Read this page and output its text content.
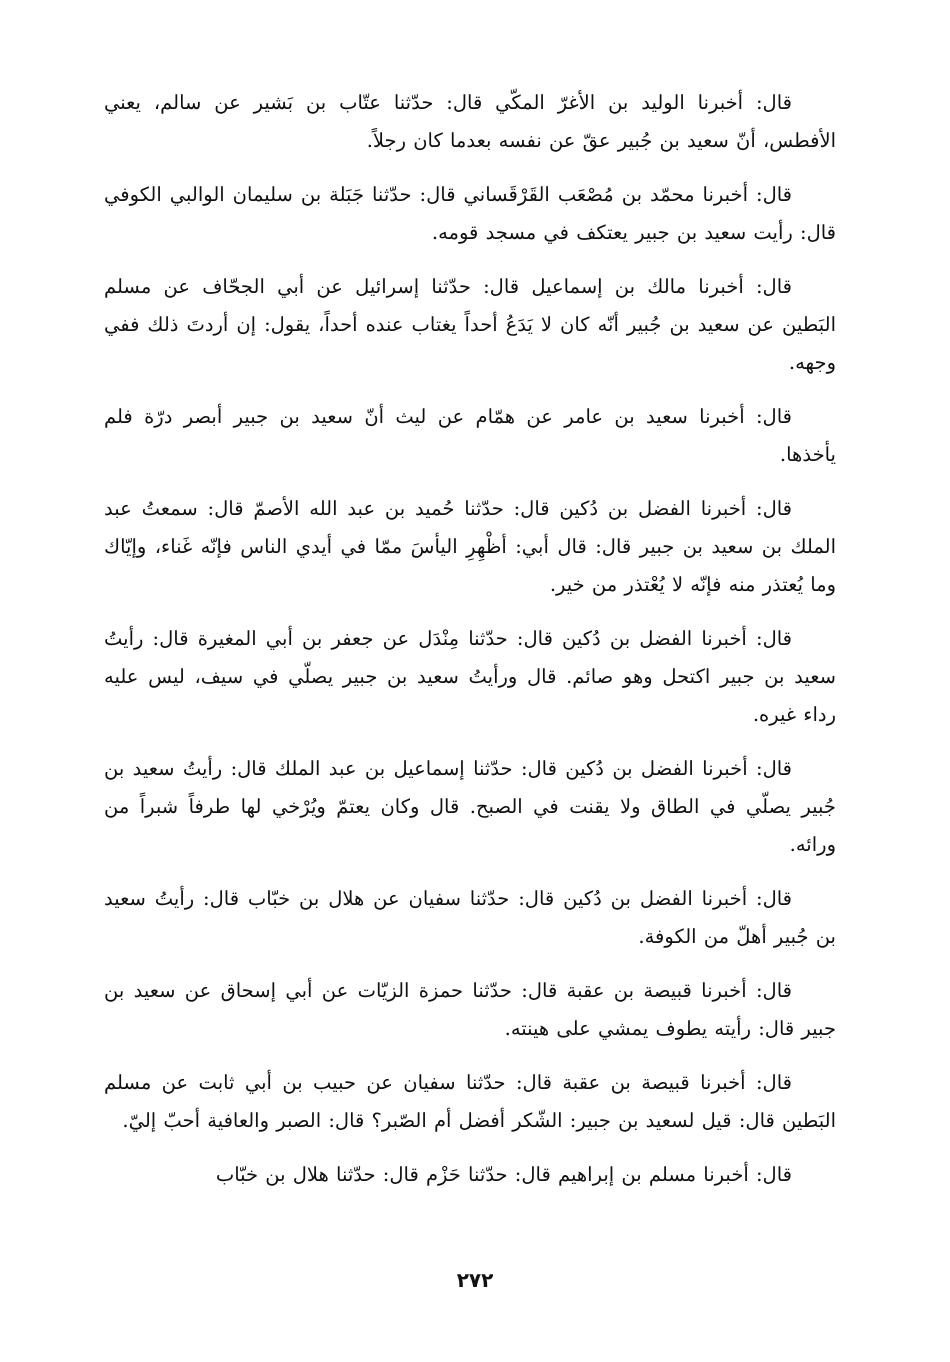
قال: أخبرنا الوليد بن الأغرّ المكّي قال: حدّثنا عتّاب بن بَشير عن سالم، يعني الأفطس، أنّ سعيد بن جُبير عقّ عن نفسه بعدما كان رجلاً.

قال: أخبرنا محمّد بن مُصْعَب القَرْقَساني قال: حدّثنا جَبَلة بن سليمان الوالبي الكوفي قال: رأيت سعيد بن جبير يعتكف في مسجد قومه.

قال: أخبرنا مالك بن إسماعيل قال: حدّثنا إسرائيل عن أبي الجحّاف عن مسلم البَطين عن سعيد بن جُبير أنّه كان لا يَدَعُ أحداً يغتاب عنده أحداً، يقول: إن أردتَ ذلك ففي وجهه.

قال: أخبرنا سعيد بن عامر عن همّام عن ليث أنّ سعيد بن جبير أبصر درّة فلم يأخذها.

قال: أخبرنا الفضل بن دُكين قال: حدّثنا حُميد بن عبد الله الأصمّ قال: سمعتُ عبد الملك بن سعيد بن جبير قال: قال أبي: أظْهِرِ اليأسَ ممّا في أيدي الناس فإنّه غَناء، وإيّاك وما يُعتذر منه فإنّه لا يُعْتذر من خير.

قال: أخبرنا الفضل بن دُكين قال: حدّثنا مِنْدَل عن جعفر بن أبي المغيرة قال: رأيتُ سعيد بن جبير اكتحل وهو صائم. قال ورأيتُ سعيد بن جبير يصلّي في سيف، ليس عليه رداء غيره.

قال: أخبرنا الفضل بن دُكين قال: حدّثنا إسماعيل بن عبد الملك قال: رأيتُ سعيد بن جُبير يصلّي في الطاق ولا يقنت في الصبح. قال وكان يعتمّ ويُرْخي لها طرفاً شبراً من ورائه.

قال: أخبرنا الفضل بن دُكين قال: حدّثنا سفيان عن هلال بن خبّاب قال: رأيتُ سعيد بن جُبير أهلّ من الكوفة.

قال: أخبرنا قبيصة بن عقبة قال: حدّثنا حمزة الزيّات عن أبي إسحاق عن سعيد بن جبير قال: رأيته يطوف يمشي على هينته.

قال: أخبرنا قبيصة بن عقبة قال: حدّثنا سفيان عن حبيب بن أبي ثابت عن مسلم البَطين قال: قيل لسعيد بن جبير: الشّكر أفضل أم الصّبر؟ قال: الصبر والعافية أحبّ إليّ.

قال: أخبرنا مسلم بن إبراهيم قال: حدّثنا حَزْم قال: حدّثنا هلال بن خبّاب

٢٧٢
